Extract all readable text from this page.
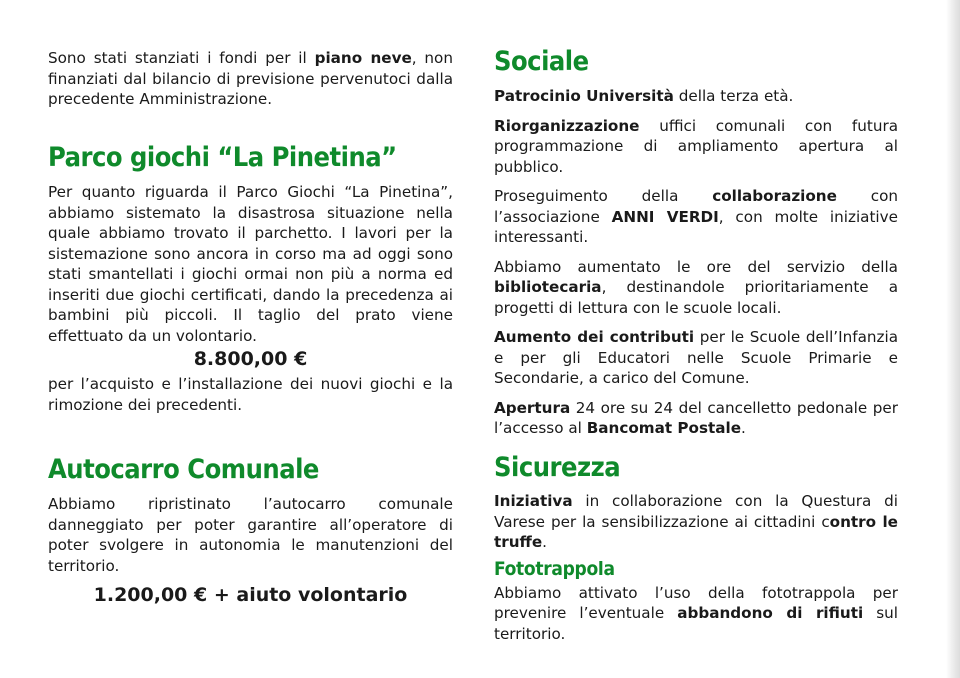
Sono stati stanziati i fondi per il piano neve, non finanziati dal bilancio di previsione pervenutoci dalla precedente Amministrazione.

Parco giochi “La Pinetina”

Per quanto riguarda il Parco Giochi “La Pinetina”, abbiamo sistemato la disastrosa situazione nella quale abbiamo trovato il parchetto. I lavori per la sistemazione sono ancora in corso ma ad oggi sono stati smantellati i giochi ormai non più a norma ed inseriti due giochi certificati, dando la precedenza ai bambini più piccoli. Il taglio del prato viene effettuato da un volontario.

8.800,00 €

per l’acquisto e l’installazione dei nuovi giochi e la rimozione dei precedenti.

Autocarro Comunale

Abbiamo ripristinato l’autocarro comunale danneggiato per poter garantire all’operatore di poter svolgere in autonomia le manutenzioni del territorio.

1.200,00 € + aiuto volontario
Sociale

Patrocinio Università della terza età.

Riorganizzazione uffici comunali con futura programmazione di ampliamento apertura al pubblico.

Proseguimento della collaborazione con l’associazione ANNI VERDI, con molte iniziative interessanti.

Abbiamo aumentato le ore del servizio della bibliotecaria, destinandole prioritariamente a progetti di lettura con le scuole locali.

Aumento dei contributi per le Scuole dell’Infanzia e per gli Educatori nelle Scuole Primarie e Secondarie, a carico del Comune.

Apertura 24 ore su 24 del cancelletto pedonale per l’accesso al Bancomat Postale.

Sicurezza

Iniziativa in collaborazione con la Questura di Varese per la sensibilizzazione ai cittadini contro le truffe.

Fototrappola

Abbiamo attivato l’uso della fototrappola per prevenire l’eventuale abbandono di rifiuti sul territorio.
